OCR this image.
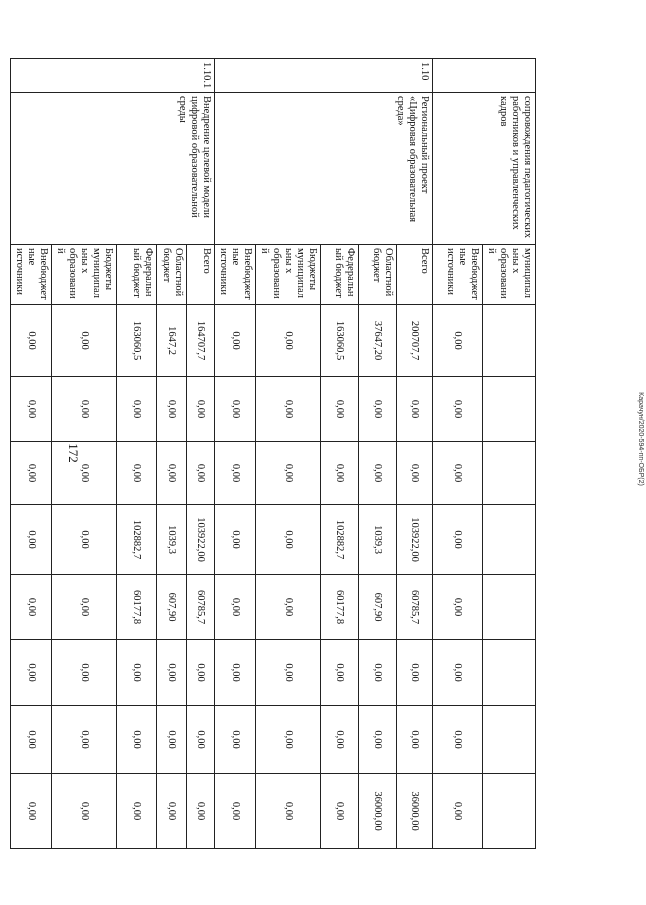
172
	сопровождения педагогических работников и управленческих кадров	муниципальны х образований								
		Внебюджетные источники	0,00	0,00	0,00	0,00	0,00	0,00	0,00	0,00
1.10	Региональный проект «Цифровая образовательная среда»	Всего	200707,7	0,00	0,00	103922,00	60785,7	0,00	0,00	36000,00
		Областной бюджет	37647,20	0,00	0,00	1039,3	607,90	0,00	0,00	36000,00
		Федеральный бюджет	163060,5	0,00	0,00	102882,7	60177,8	0,00	0,00	0,00
		Бюджеты муниципальны х образований	0,00	0,00	0,00	0,00	0,00	0,00	0,00	0,00
		Внебюджетные источники	0,00	0,00	0,00	0,00	0,00	0,00	0,00	0,00
1.10.1	Внедрение целевой модели цифровой образовательной среды	Всего	164707,7	0,00	0,00	103922,00	60785,7	0,00	0,00	0,00
		Областной бюджет	1647,2	0,00	0,00	1039,3	607,90	0,00	0,00	0,00
		Федеральный бюджет	163060,5	0,00	0,00	102882,7	60177,8	0,00	0,00	0,00
		Бюджеты муниципальны х образований	0,00	0,00	0,00	0,00	0,00	0,00	0,00	0,00
		Внебюджетные источники	0,00	0,00	0,00	0,00	0,00	0,00	0,00	0,00
Карачун/2020-594-пп-ОБР(2)
